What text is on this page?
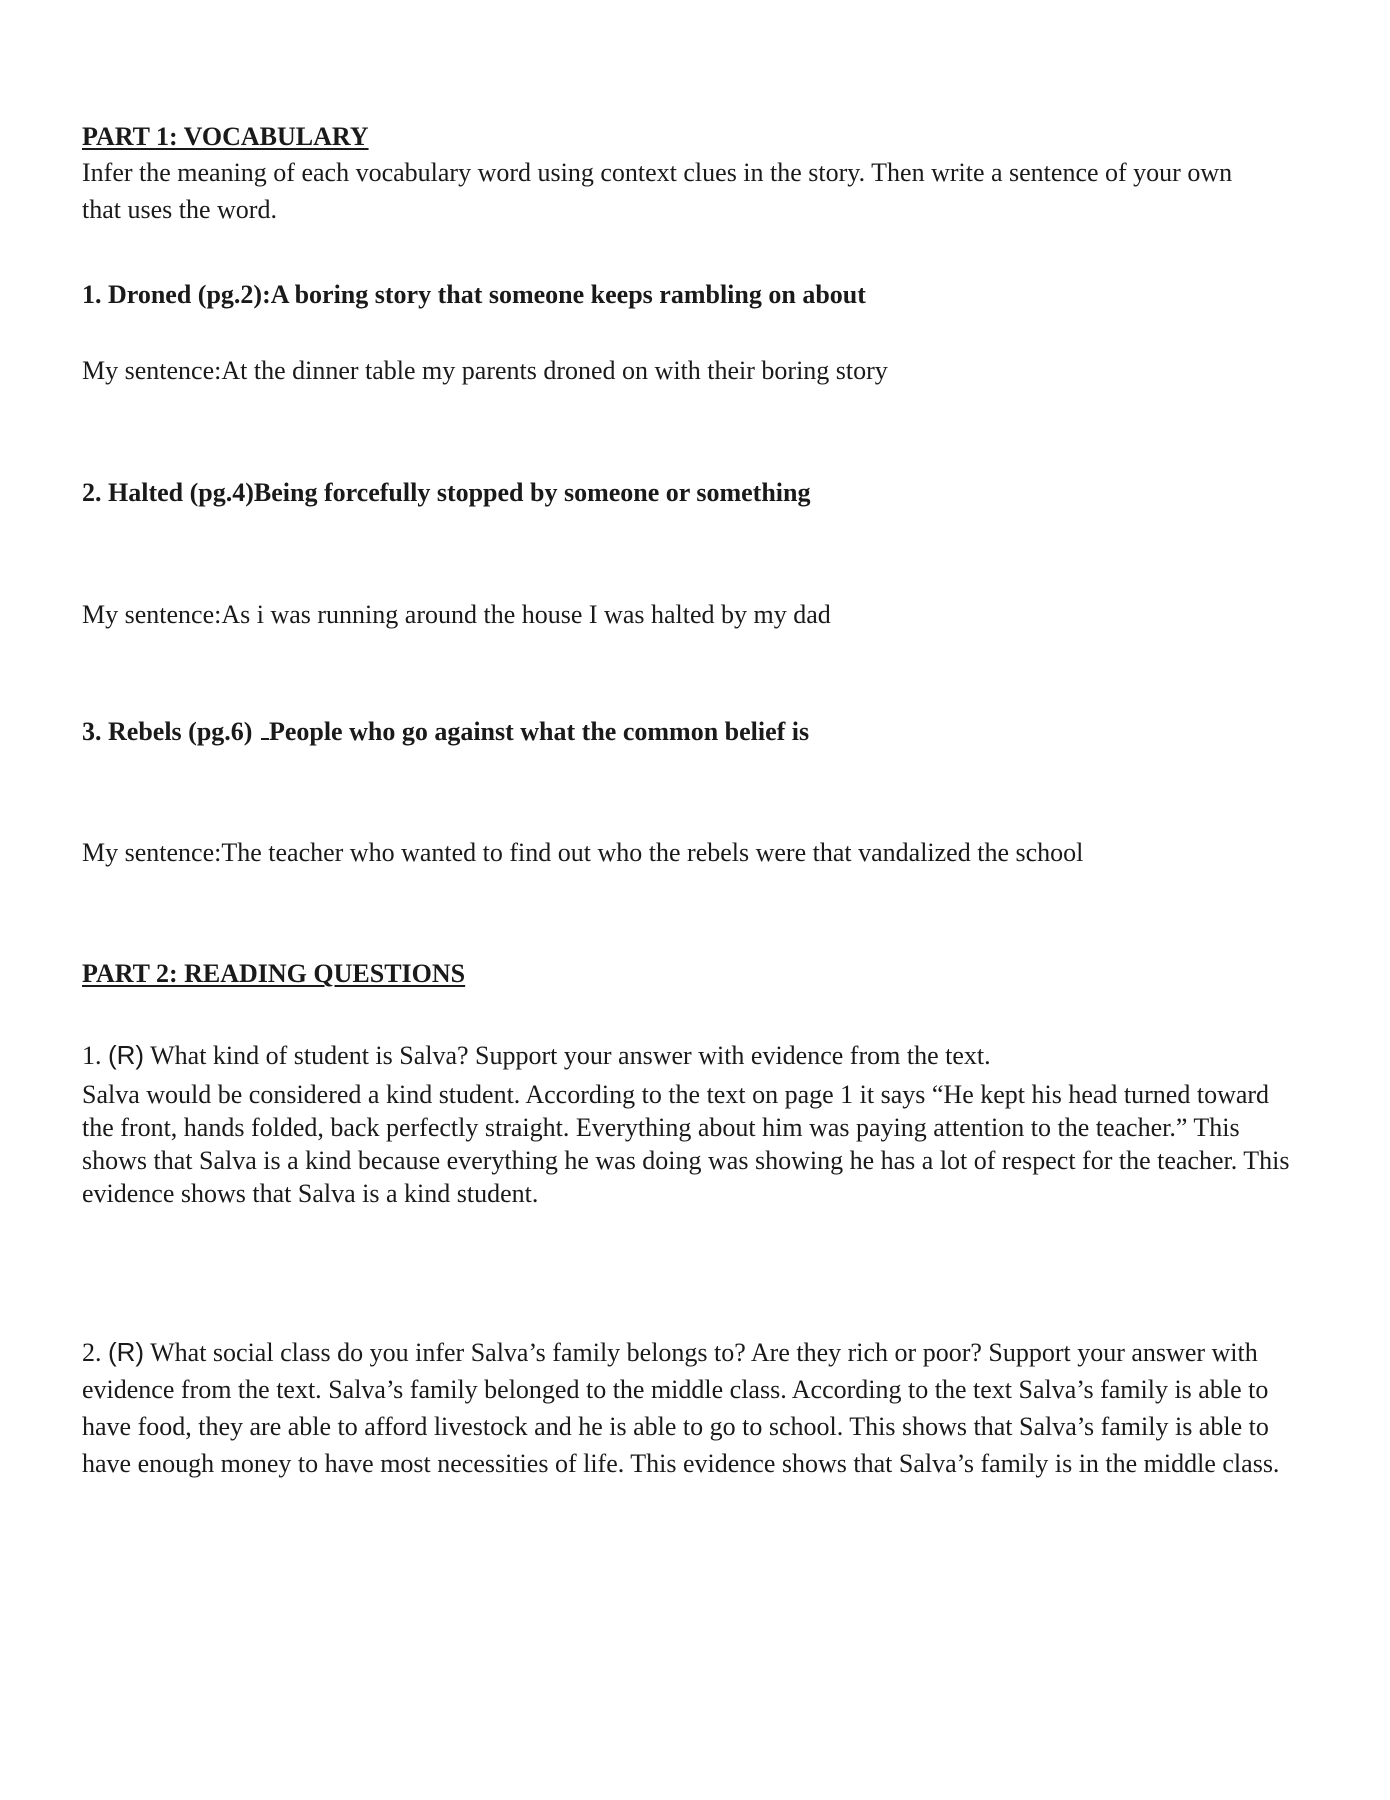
PART 1: VOCABULARY

Infer the meaning of each vocabulary word using context clues in the story. Then write a sentence of your own that uses the word.

1. Droned (pg.2):A boring story that someone keeps rambling on about

My sentence:At the dinner table my parents droned on with their boring story

2. Halted (pg.4)Being forcefully stopped by someone or something

My sentence:As i was running around the house I was halted by my dad

3. Rebels (pg.6) People who go against what the common belief is

My sentence:The teacher who wanted to find out who the rebels were that vandalized the school

PART 2: READING QUESTIONS

1. (R) What kind of student is Salva? Support your answer with evidence from the text.

Salva would be considered a kind student. According to the text on page 1 it says “He kept his head turned toward the front, hands folded, back perfectly straight. Everything about him was paying attention to the teacher.” This shows that Salva is a kind because everything he was doing was showing he has a lot of respect for the teacher. This evidence shows that Salva is a kind student.

2. (R) What social class do you infer Salva’s family belongs to? Are they rich or poor? Support your answer with evidence from the text. Salva’s family belonged to the middle class. According to the text Salva’s family is able to have food, they are able to afford livestock and he is able to go to school. This shows that Salva’s family is able to have enough money to have most necessities of life. This evidence shows that Salva’s family is in the middle class.
